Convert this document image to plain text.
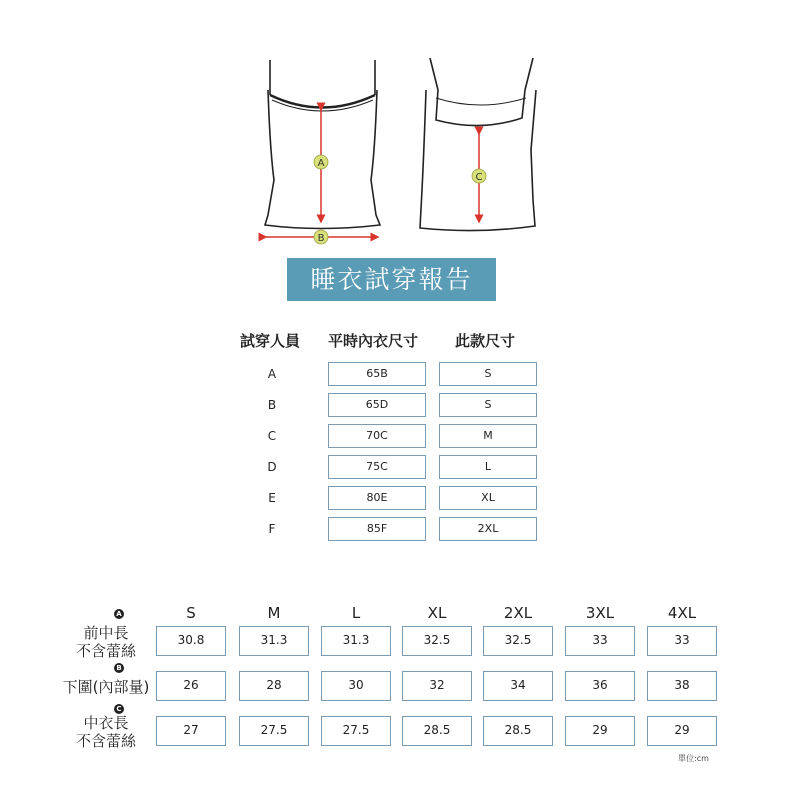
A
B
C
睡衣試穿報告
試穿人員 平時內衣尺寸 此款尺寸
A	65B	S
B	65D	S
C	70C	M
D	75C	L
E	80E	XL
F	85F	2XL
S	M	L	XL	2XL	3XL	4XL
A
前中長
不含蕾絲
30.8	31.3	31.3	32.5	32.5	33	33
B
下圍(內部量)	26	28	30	32	34	36	38
C
中衣長
不含蕾絲
27	27.5	27.5	28.5	28.5	29	29
單位:cm
